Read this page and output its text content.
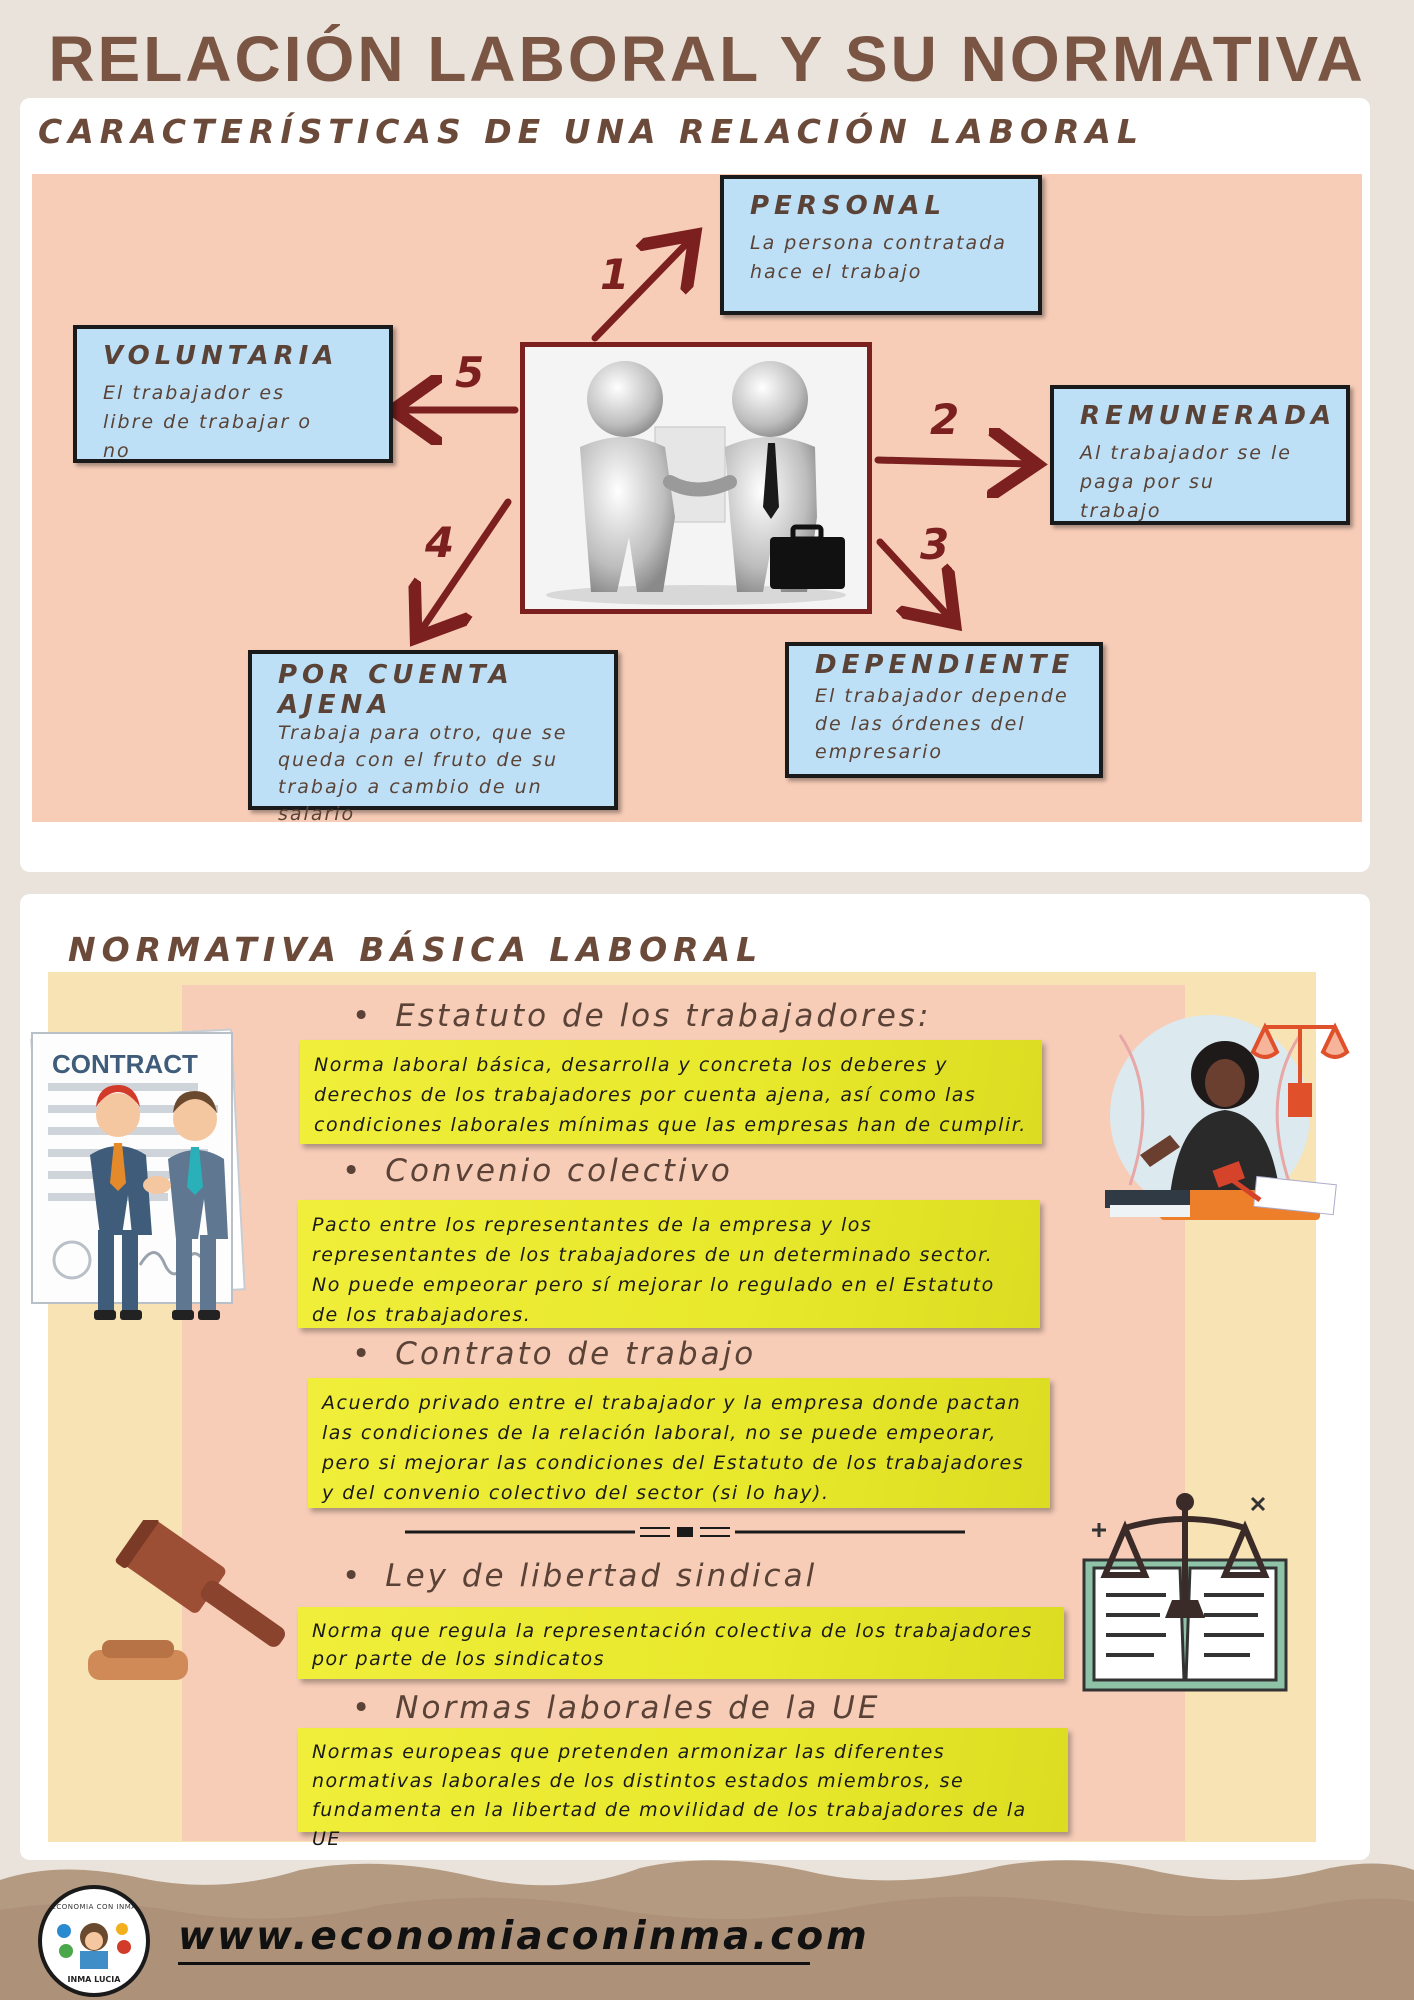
RELACIÓN LABORAL Y SU NORMATIVA
CARACTERÍSTICAS DE UNA RELACIÓN LABORAL
1
2
3
4
5
PERSONAL
La persona contratada hace el trabajo
REMUNERADA
Al trabajador se le paga por su trabajo
DEPENDIENTE
El trabajador depende de las órdenes del empresario
POR CUENTA AJENA
Trabaja para otro, que se queda con el fruto de su trabajo a cambio de un salario
VOLUNTARIA
El trabajador es libre de trabajar o no
NORMATIVA BÁSICA LABORAL
CONTRACT
• Estatuto de los trabajadores:
Norma laboral básica, desarrolla y concreta los deberes y derechos de los trabajadores por cuenta ajena, así como las condiciones laborales mínimas que las empresas han de cumplir.
• Convenio colectivo
Pacto entre los representantes de la empresa y los representantes de los trabajadores de un determinado sector. No puede empeorar pero sí mejorar lo regulado en el Estatuto de los trabajadores.
• Contrato de trabajo
Acuerdo privado entre el trabajador y la empresa donde pactan las condiciones de la relación laboral, no se puede empeorar, pero si mejorar las condiciones del Estatuto de los trabajadores y del convenio colectivo del sector (si lo hay).
• Ley de libertad sindical
Norma que regula la representación colectiva de los trabajadores por parte de los sindicatos
• Normas laborales de la UE
Normas europeas que pretenden armonizar las diferentes normativas laborales de los distintos estados miembros, se fundamenta en la libertad de movilidad de los trabajadores de la UE
ECONOMIA CON INMA
INMA LUCIA
www.economiaconinma.com
